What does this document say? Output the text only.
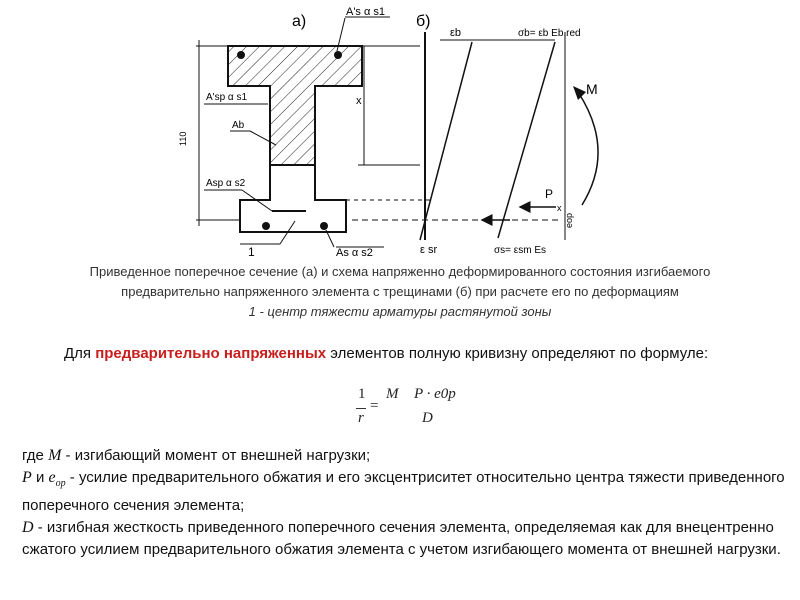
110
x
а)
A's α s1
A'sp α s1
Ab
Asp α s2
1	As α s2
б)
εb	σb= εb Eb,red
ε sr	σs= εsm Es
P
x
eop
M
Приведенное поперечное сечение (а) и схема напряженно деформированного состояния изгибаемого
предварительно напряженного элемента с трещинами (б) при расчете его по деформациям
1 - центр тяжести арматуры растянутой зоны
Для предварительно напряженных элементов полную кривизну определяют по формуле:
1
r
=
M P · e0p
D

где M - изгибающий момент от внешней нагрузки;

P и $e_{op}$ - усилие предварительного обжатия и его эксцентриситет относительно центра тяжести приведенного поперечного сечения элемента;

D - изгибная жесткость приведенного поперечного сечения элемента, определяемая как для внецентренно сжатого усилием предварительного обжатия элемента с учетом изгибающего момента от внешней нагрузки.
